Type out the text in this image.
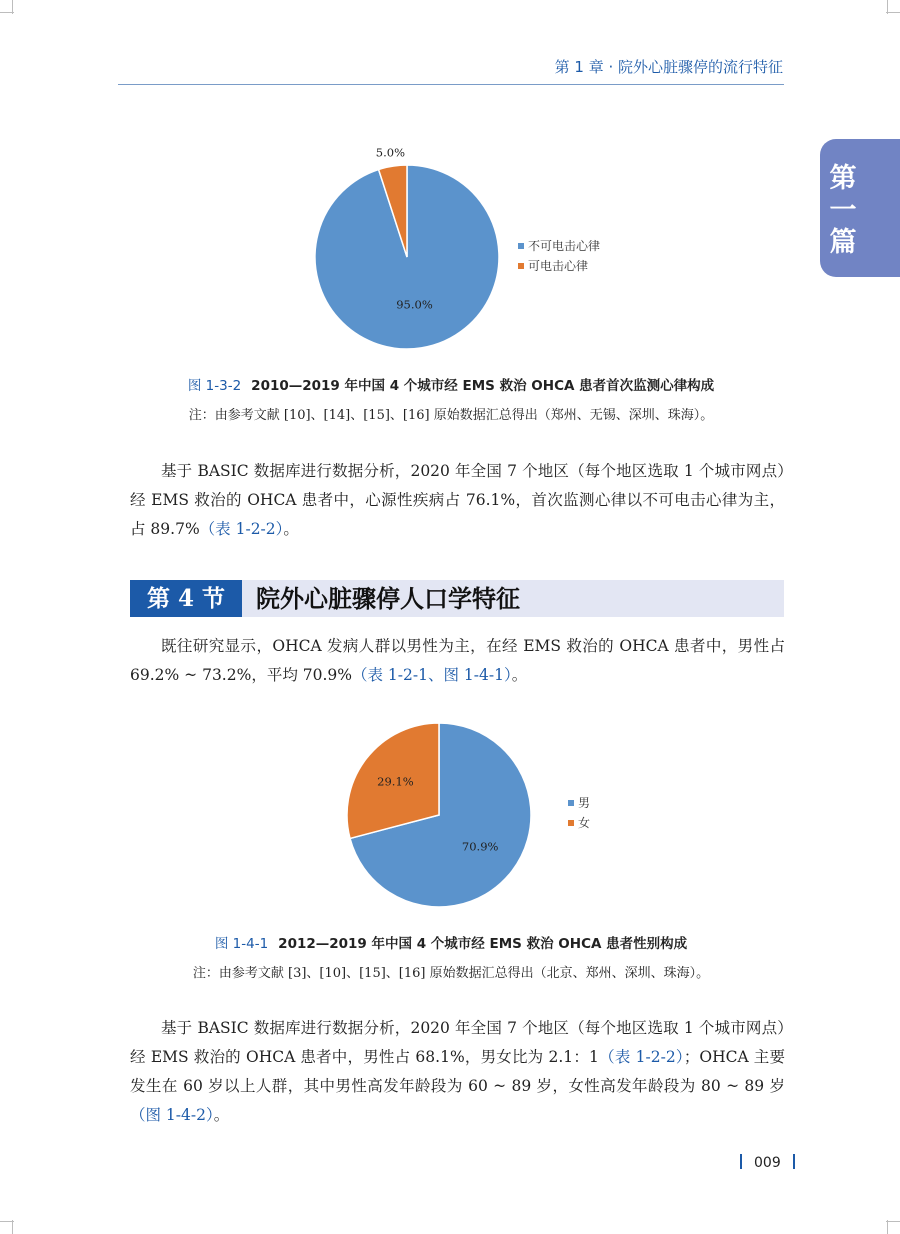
第 1 章 · 院外心脏骤停的流行特征
第一篇
95.0%
5.0%
不可电击心律
可电击心律
图 1-3-2 2010—2019 年中国 4 个城市经 EMS 救治 OHCA 患者首次监测心律构成
注：由参考文献 [10]、[14]、[15]、[16] 原始数据汇总得出（郑州、无锡、深圳、珠海）。

基于 BASIC 数据库进行数据分析，2020 年全国 7 个地区（每个地区选取 1 个城市网点）经 EMS 救治的 OHCA 患者中，心源性疾病占 76.1%，首次监测心律以不可电击心律为主，占 89.7%（表 1-2-2）。

第 4 节	院外心脏骤停人口学特征

既往研究显示，OHCA 发病人群以男性为主，在经 EMS 救治的 OHCA 患者中，男性占 69.2% ~ 73.2%，平均 70.9%（表 1-2-1、图 1-4-1）。

70.9%
29.1%
男
女
图 1-4-1 2012—2019 年中国 4 个城市经 EMS 救治 OHCA 患者性别构成
注：由参考文献 [3]、[10]、[15]、[16] 原始数据汇总得出（北京、郑州、深圳、珠海）。

基于 BASIC 数据库进行数据分析，2020 年全国 7 个地区（每个地区选取 1 个城市网点）经 EMS 救治的 OHCA 患者中，男性占 68.1%，男女比为 2.1：1（表 1-2-2）；OHCA 主要发生在 60 岁以上人群，其中男性高发年龄段为 60 ~ 89 岁，女性高发年龄段为 80 ~ 89 岁（图 1-4-2）。

009
